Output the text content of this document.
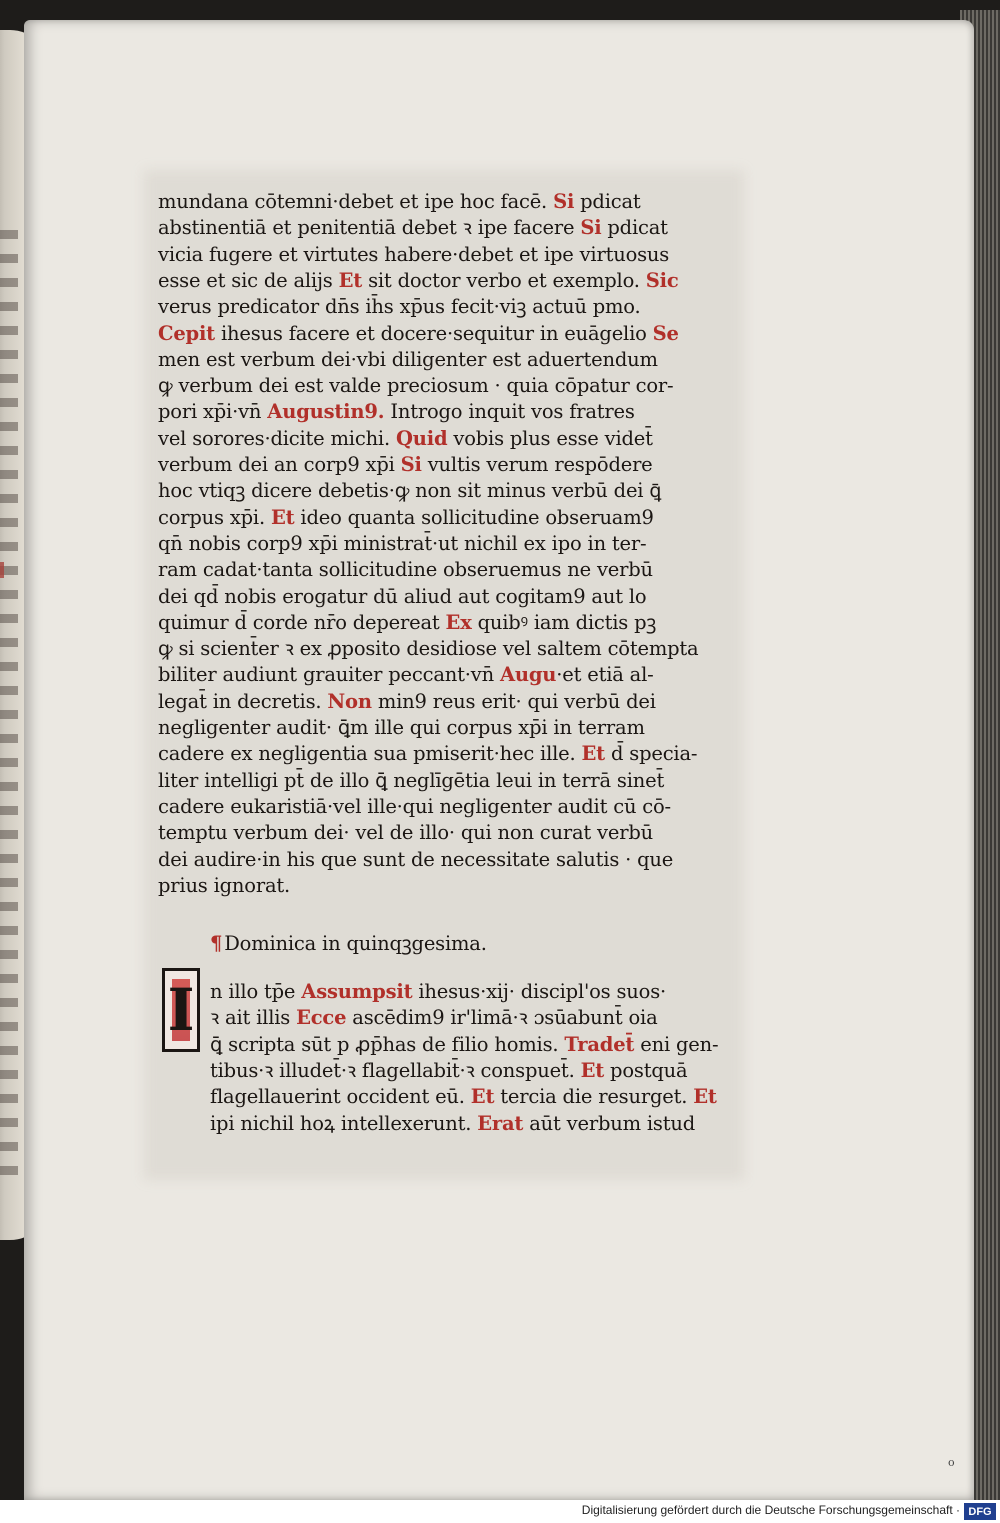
mundana cōtemni·debet et ipe hoc facē. Si pdicat
abstinentiā et penitentiā debet ꝛ ipe facere Si pdicat
vicia fugere et virtutes habere·debet et ipe virtuosus
esse et sic de alijs Et sit doctor verbo et exemplo. Sic
verus predicator dn̄s ih̄s xp̄us fecit·viꝫ actuū pmo.
Cepit ihesus facere et docere·sequitur in euāgelio Se
men est verbum dei·vbi diligenter est aduertendum
ꝙ verbum dei est valde preciosum · quia cōpatur cor-
pori xp̄i·vn̄ Augustin9. Introgo inquit vos fratres
vel sorores·dicite michi. Quid vobis plus esse videt̄
verbum dei an corp9 xp̄i Si vultis verum respōdere
hoc vtiqꝫ dicere debetis·ꝙ non sit minus verbū dei ꝗ̄
corpus xp̄i. Et ideo quanta sollicitudine obseruam9
qn̄ nobis corp9 xp̄i ministrat̄·ut nichil ex ipo in ter-
ram cadat·tanta sollicitudine obseruemus ne verbū
dei qd̄ nobis erogatur dū aliud aut cogitam9 aut lo
quimur d̄ corde nr̄o depereat Ex quibꝰ iam dictis pꝫ
ꝙ si scient̄er ꝛ ex ꝓposito desidiose vel saltem cōtempta
biliter audiunt grauiter peccant·vn̄ Augu·et etiā al-
legat̄ in decretis. Non min9 reus erit· qui verbū dei
negligenter audit· ꝗ̄m ille qui corpus xp̄i in terram
cadere ex negligentia sua pmiserit·hec ille. Et d̄ specia-
liter intelligi pt̄ de illo ꝗ̄ neglīgētia leui in terrā sinet̄
cadere eukaristiā·vel ille·qui negligenter audit cū cō-
temptu verbum dei· vel de illo· qui non curat verbū
dei audire·in his que sunt de necessitate salutis · que
prius ignorat.
¶ Dominica in quinqꝫgesima.
I n illo tp̄e Assumpsit ihesus·xij· discipl'os suos·
ꝛ ait illis Ecce ascēdim9 ir'limā·ꝛ ɔsūabunt̄ oia
ꝗ̄ scripta sūt p ꝓp̄has de filio homis. Tradet̄ eni gen-
tibus·ꝛ illudet̄·ꝛ flagellabit̄·ꝛ conspuet̄. Et postquā
flagellauerint occident eū. Et tercia die resurget. Et
ipi nichil hoꝝ intellexerunt. Erat aūt verbum istud
o
Digitalisierung gefördert durch die Deutsche Forschungsgemeinschaft · DFG
